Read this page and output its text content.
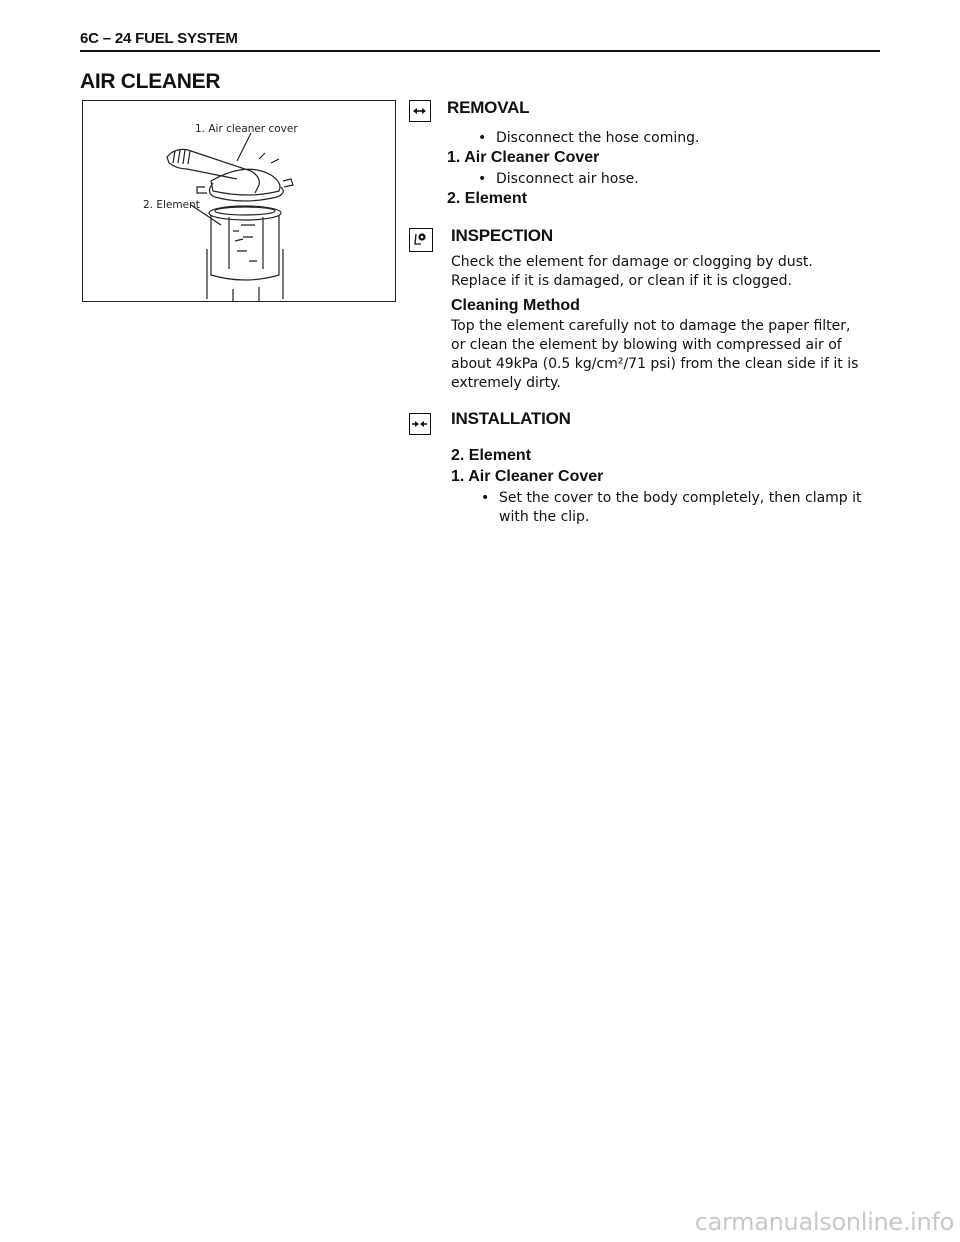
6C – 24 FUEL SYSTEM
AIR CLEANER
1. Air cleaner cover
2. Element
REMOVAL
• Disconnect the hose coming.
1. Air Cleaner Cover
• Disconnect air hose.
2. Element
INSPECTION
Check the element for damage or clogging by dust.
Replace if it is damaged, or clean if it is clogged.
Cleaning Method
Top the element carefully not to damage the paper filter,
or clean the element by blowing with compressed air of
about 49kPa (0.5 kg/cm²/71 psi) from the clean side if it is
extremely dirty.
INSTALLATION
2. Element
1. Air Cleaner Cover
• Set the cover to the body completely, then clamp it
with the clip.
carmanualsonline.info
